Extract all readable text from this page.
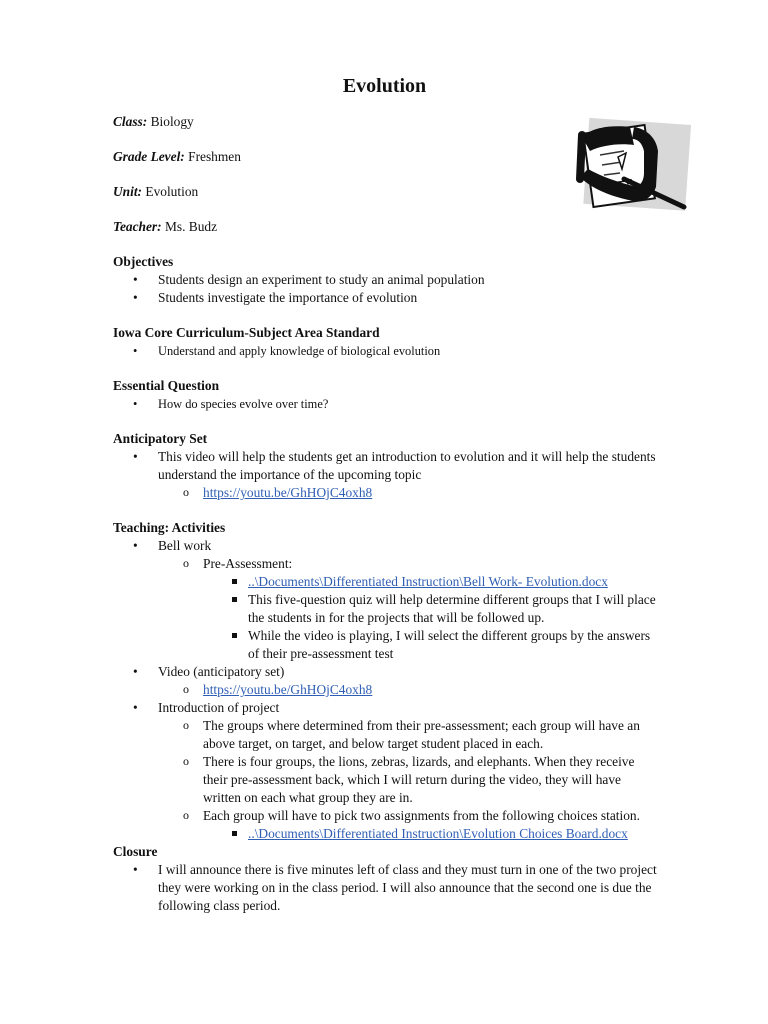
Evolution
Class: Biology
Grade Level: Freshmen
Unit: Evolution
Teacher: Ms. Budz
Objectives
• Students design an experiment to study an animal population
• Students investigate the importance of evolution
Iowa Core Curriculum-Subject Area Standard
• Understand and apply knowledge of biological evolution
Essential Question
• How do species evolve over time?
Anticipatory Set
• This video will help the students get an introduction to evolution and it will help the students understand the importance of the upcoming topic
o https://youtu.be/GhHOjC4oxh8
Teaching: Activities
• Bell work
o Pre-Assessment:
..\Documents\Differentiated Instruction\Bell Work- Evolution.docx
This five-question quiz will help determine different groups that I will place the students in for the projects that will be followed up.
While the video is playing, I will select the different groups by the answers of their pre-assessment test
• Video (anticipatory set)
o https://youtu.be/GhHOjC4oxh8
• Introduction of project
o The groups where determined from their pre-assessment; each group will have an above target, on target, and below target student placed in each.
o There is four groups, the lions, zebras, lizards, and elephants. When they receive their pre-assessment back, which I will return during the video, they will have written on each what group they are in.
o Each group will have to pick two assignments from the following choices station.
..\Documents\Differentiated Instruction\Evolution Choices Board.docx
Closure
• I will announce there is five minutes left of class and they must turn in one of the two project they were working on in the class period. I will also announce that the second one is due the following class period.
